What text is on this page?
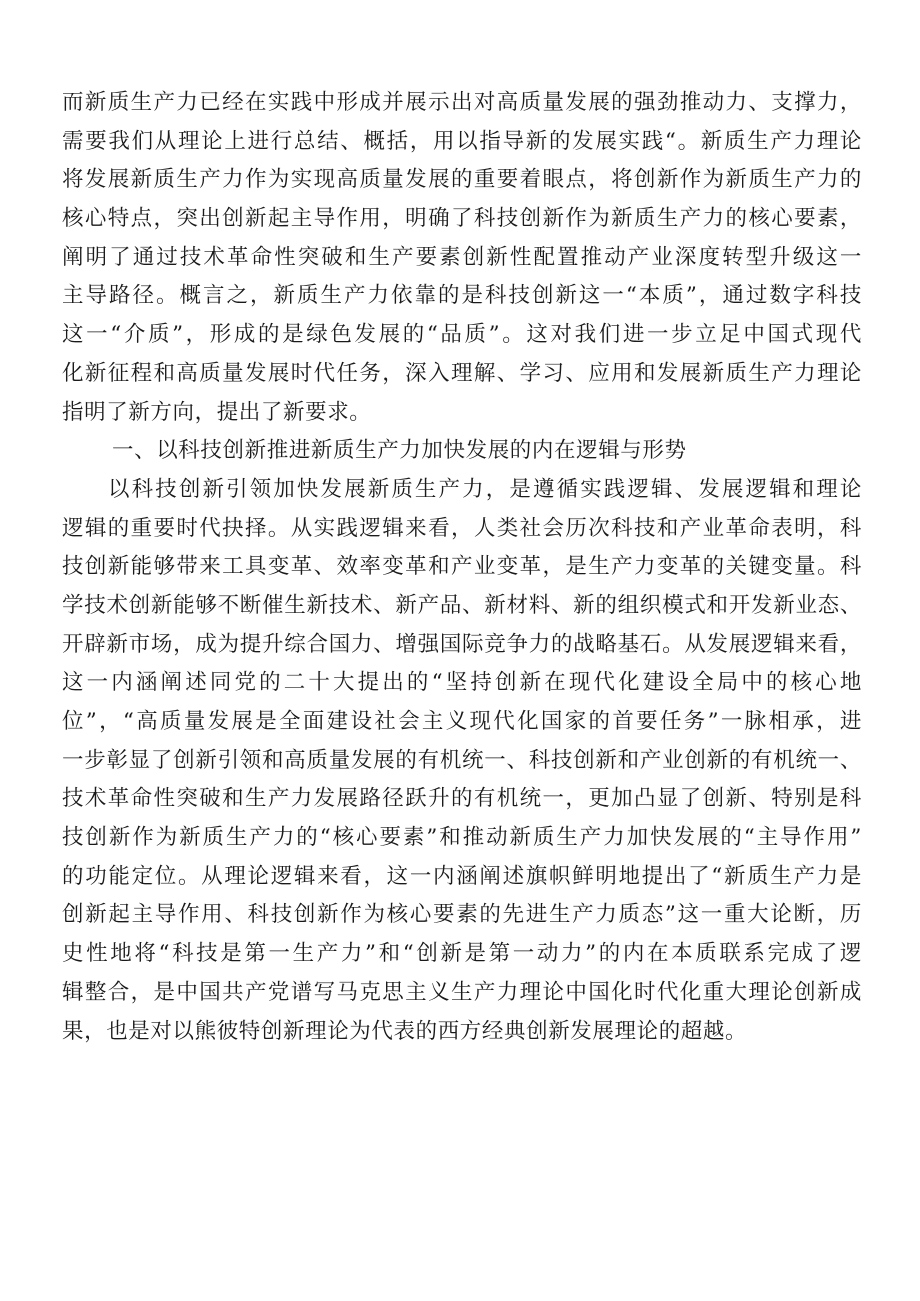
而新质生产力已经在实践中形成并展示出对高质量发展的强劲推动力、支撑力，
需要我们从理论上进行总结、概括，用以指导新的发展实践“。新质生产力理论
将发展新质生产力作为实现高质量发展的重要着眼点，将创新作为新质生产力的
核心特点，突出创新起主导作用，明确了科技创新作为新质生产力的核心要素，
阐明了通过技术革命性突破和生产要素创新性配置推动产业深度转型升级这一
主导路径。概言之，新质生产力依靠的是科技创新这一“本质”，通过数字科技
这一“介质”，形成的是绿色发展的“品质”。这对我们进一步立足中国式现代
化新征程和高质量发展时代任务，深入理解、学习、应用和发展新质生产力理论
指明了新方向，提出了新要求。
一、以科技创新推进新质生产力加快发展的内在逻辑与形势
以科技创新引领加快发展新质生产力，是遵循实践逻辑、发展逻辑和理论
逻辑的重要时代抉择。从实践逻辑来看，人类社会历次科技和产业革命表明，科
技创新能够带来工具变革、效率变革和产业变革，是生产力变革的关键变量。科
学技术创新能够不断催生新技术、新产品、新材料、新的组织模式和开发新业态、
开辟新市场，成为提升综合国力、增强国际竞争力的战略基石。从发展逻辑来看，
这一内涵阐述同党的二十大提出的“坚持创新在现代化建设全局中的核心地
位”，“高质量发展是全面建设社会主义现代化国家的首要任务”一脉相承，进
一步彰显了创新引领和高质量发展的有机统一、科技创新和产业创新的有机统一、
技术革命性突破和生产力发展路径跃升的有机统一，更加凸显了创新、特别是科
技创新作为新质生产力的“核心要素”和推动新质生产力加快发展的“主导作用”
的功能定位。从理论逻辑来看，这一内涵阐述旗帜鲜明地提出了“新质生产力是
创新起主导作用、科技创新作为核心要素的先进生产力质态”这一重大论断，历
史性地将“科技是第一生产力”和“创新是第一动力”的内在本质联系完成了逻
辑整合，是中国共产党谱写马克思主义生产力理论中国化时代化重大理论创新成
果，也是对以熊彼特创新理论为代表的西方经典创新发展理论的超越。
